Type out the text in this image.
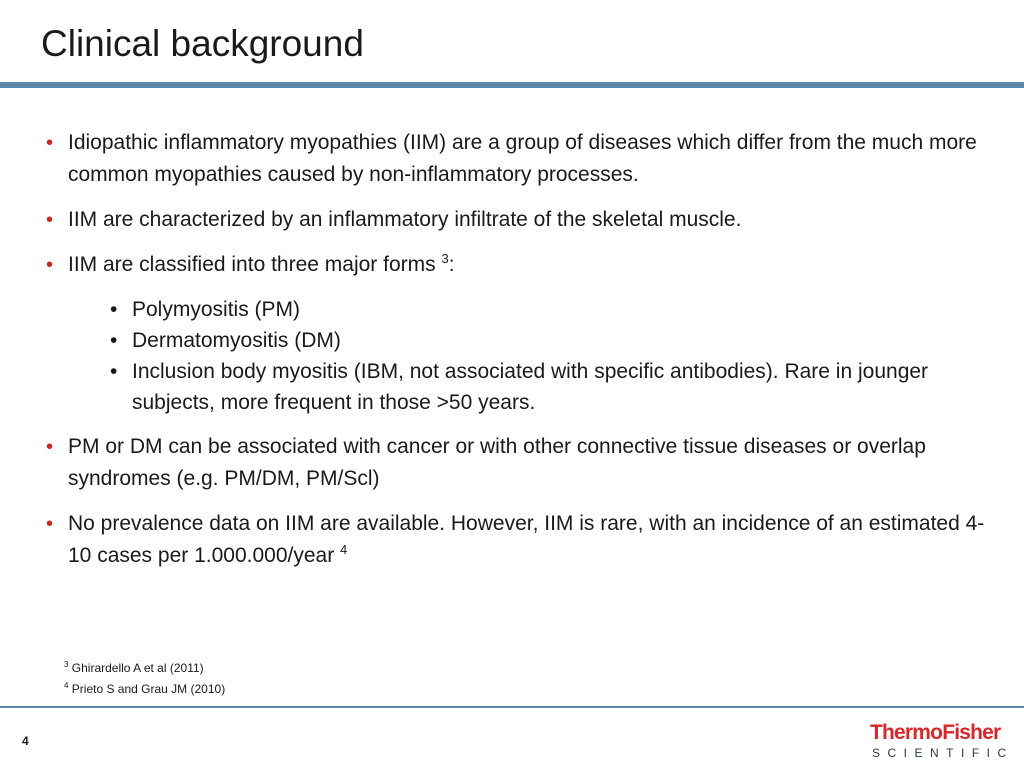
Clinical background
• Idiopathic inflammatory myopathies (IIM) are a group of diseases which differ from the much more common myopathies caused by non-inflammatory processes.
• IIM are characterized by an inflammatory infiltrate of the skeletal muscle.
• IIM are classified into three major forms $^3$:
• Polymyositis (PM)
• Dermatomyositis (DM)
• Inclusion body myositis (IBM, not associated with specific antibodies). Rare in jounger subjects, more frequent in those >50 years.
• PM or DM can be associated with cancer or with other connective tissue diseases or overlap syndromes (e.g. PM/DM, PM/Scl)
• No prevalence data on IIM are available. However, IIM is rare, with an incidence of an estimated 4-10 cases per 1.000.000/year $^4$
$^3$ Ghirardello A et al (2011)
$^4$ Prieto S and Grau JM (2010)
4	ThermoFisher
SCIENTIFIC
